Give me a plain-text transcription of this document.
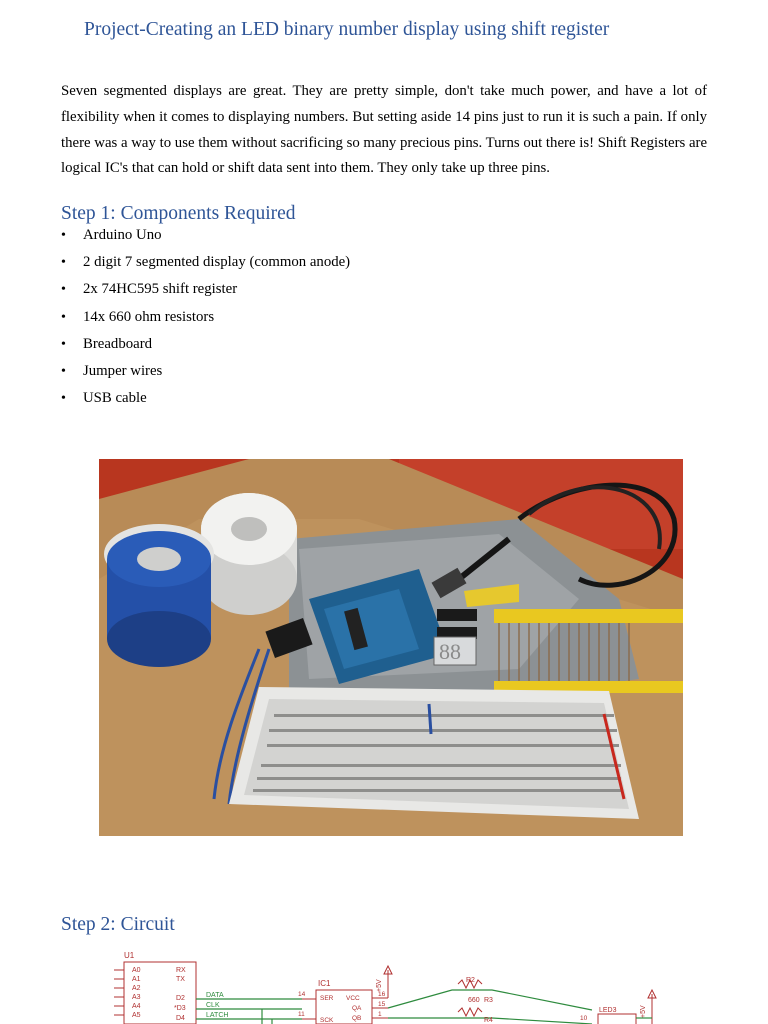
Project-Creating an LED binary number display using shift register

Seven segmented displays are great. They are pretty simple, don't take much power, and have a lot of flexibility when it comes to displaying numbers. But setting aside 14 pins just to run it is such a pain. If only there was a way to use them without sacrificing so many precious pins. Turns out there is! Shift Registers are logical IC's that can hold or shift data sent into them. They only take up three pins.

Step 1: Components Required
• Arduino Uno
• 2 digit 7 segmented display (common anode)
• 2x 74HC595 shift register
• 14x 660 ohm resistors
• Breadboard
• Jumper wires
• USB cable
88
Step 2: Circuit
U1
A0
A1
A2
A3
A4
A5
RX
TX
D2
*D3
D4
DATA
CLK
LATCH
IC1
SER VCC
QA
SCK	QB
14
11
16
15
1
+5V	R2
660 R3
R4
LED3
10
+5V
